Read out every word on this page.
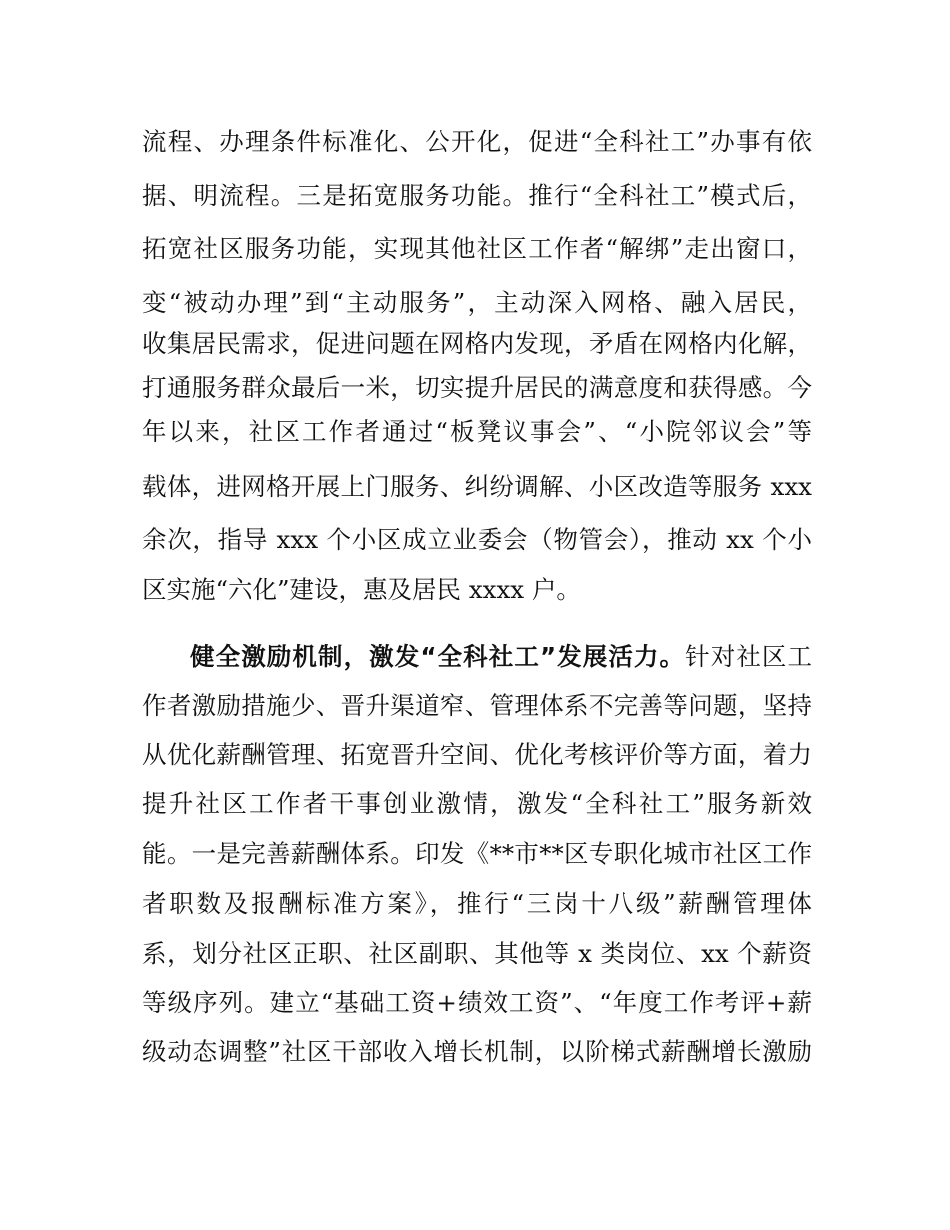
流程、办理条件标准化、公开化，促进“全科社工”办事有依
据、明流程。三是拓宽服务功能。推行“全科社工”模式后，
拓宽社区服务功能，实现其他社区工作者“解绑”走出窗口，
变“被动办理”到“主动服务”，主动深入网格、融入居民，
收集居民需求，促进问题在网格内发现，矛盾在网格内化解，
打通服务群众最后一米，切实提升居民的满意度和获得感。今
年以来，社区工作者通过“板凳议事会”、“小院邻议会”等
载体，进网格开展上门服务、纠纷调解、小区改造等服务 xxx
余次，指导 xxx 个小区成立业委会（物管会），推动 xx 个小
区实施“六化”建设，惠及居民 xxxx 户。
健全激励机制，激发“全科社工”发展活力。针对社区工
作者激励措施少、晋升渠道窄、管理体系不完善等问题，坚持
从优化薪酬管理、拓宽晋升空间、优化考核评价等方面，着力
提升社区工作者干事创业激情，激发“全科社工”服务新效
能。一是完善薪酬体系。印发《**市**区专职化城市社区工作
者职数及报酬标准方案》，推行“三岗十八级”薪酬管理体
系，划分社区正职、社区副职、其他等 x 类岗位、xx 个薪资
等级序列。建立“基础工资+绩效工资”、“年度工作考评+薪
级动态调整”社区干部收入增长机制，以阶梯式薪酬增长激励
